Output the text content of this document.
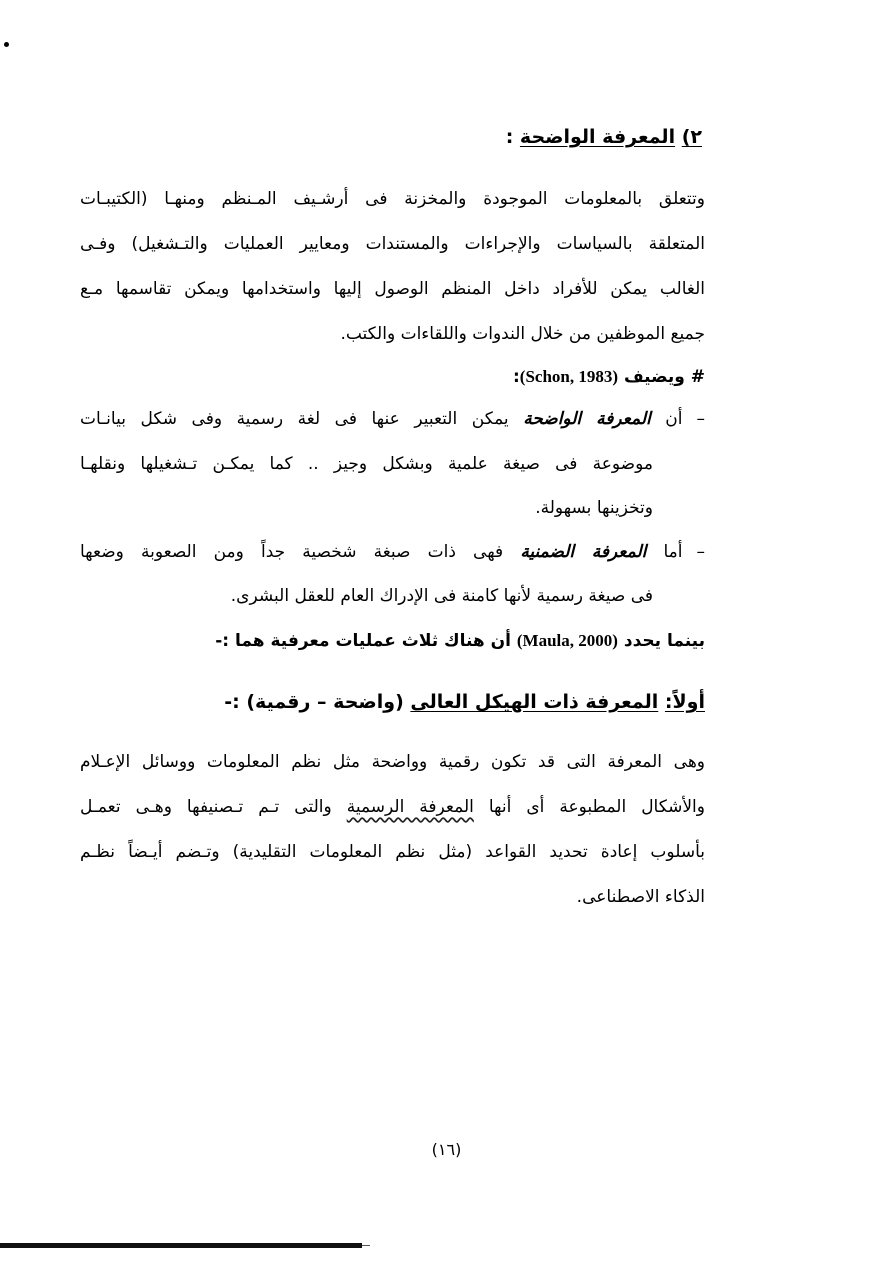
٢) المعرفة الواضحة :
وتتعلق بالمعلومات الموجودة والمخزنة فى أرشـيف المـنظم ومنهـا (الكتيبـات
المتعلقة بالسياسات والإجراءات والمستندات ومعايير العمليات والتـشغيل) وفـى
الغالب يمكن للأفراد داخل المنظم الوصول إليها واستخدامها ويمكن تقاسمها مـع
جميع الموظفين من خلال الندوات واللقاءات والكتب.
# ويضيف (Schon, 1983):
–أن المعرفة الواضحة يمكن التعبير عنها فى لغة رسمية وفى شكل بيانـات
موضوعة فى صيغة علمية وبشكل وجيز .. كما يمكـن تـشغيلها ونقلهـا
وتخزينها بسهولة.
–أما المعرفة الضمنية فهى ذات صبغة شخصية جداً ومن الصعوبة وضعها
فى صيغة رسمية لأنها كامنة فى الإدراك العام للعقل البشرى.
بينما يحدد (Maula, 2000) أن هناك ثلاث عمليات معرفية هما :-
أولاً: المعرفة ذات الهيكل العالى (واضحة – رقمية) :-
وهى المعرفة التى قد تكون رقمية وواضحة مثل نظم المعلومات ووسائل الإعـلام
والأشكال المطبوعة أى أنها المعرفة الرسمية والتى تـم تـصنيفها وهـى تعمـل
بأسلوب إعادة تحديد القواعد (مثل نظم المعلومات التقليدية) وتـضم أيـضاً نظـم
الذكاء الاصطناعى.
(١٦)
